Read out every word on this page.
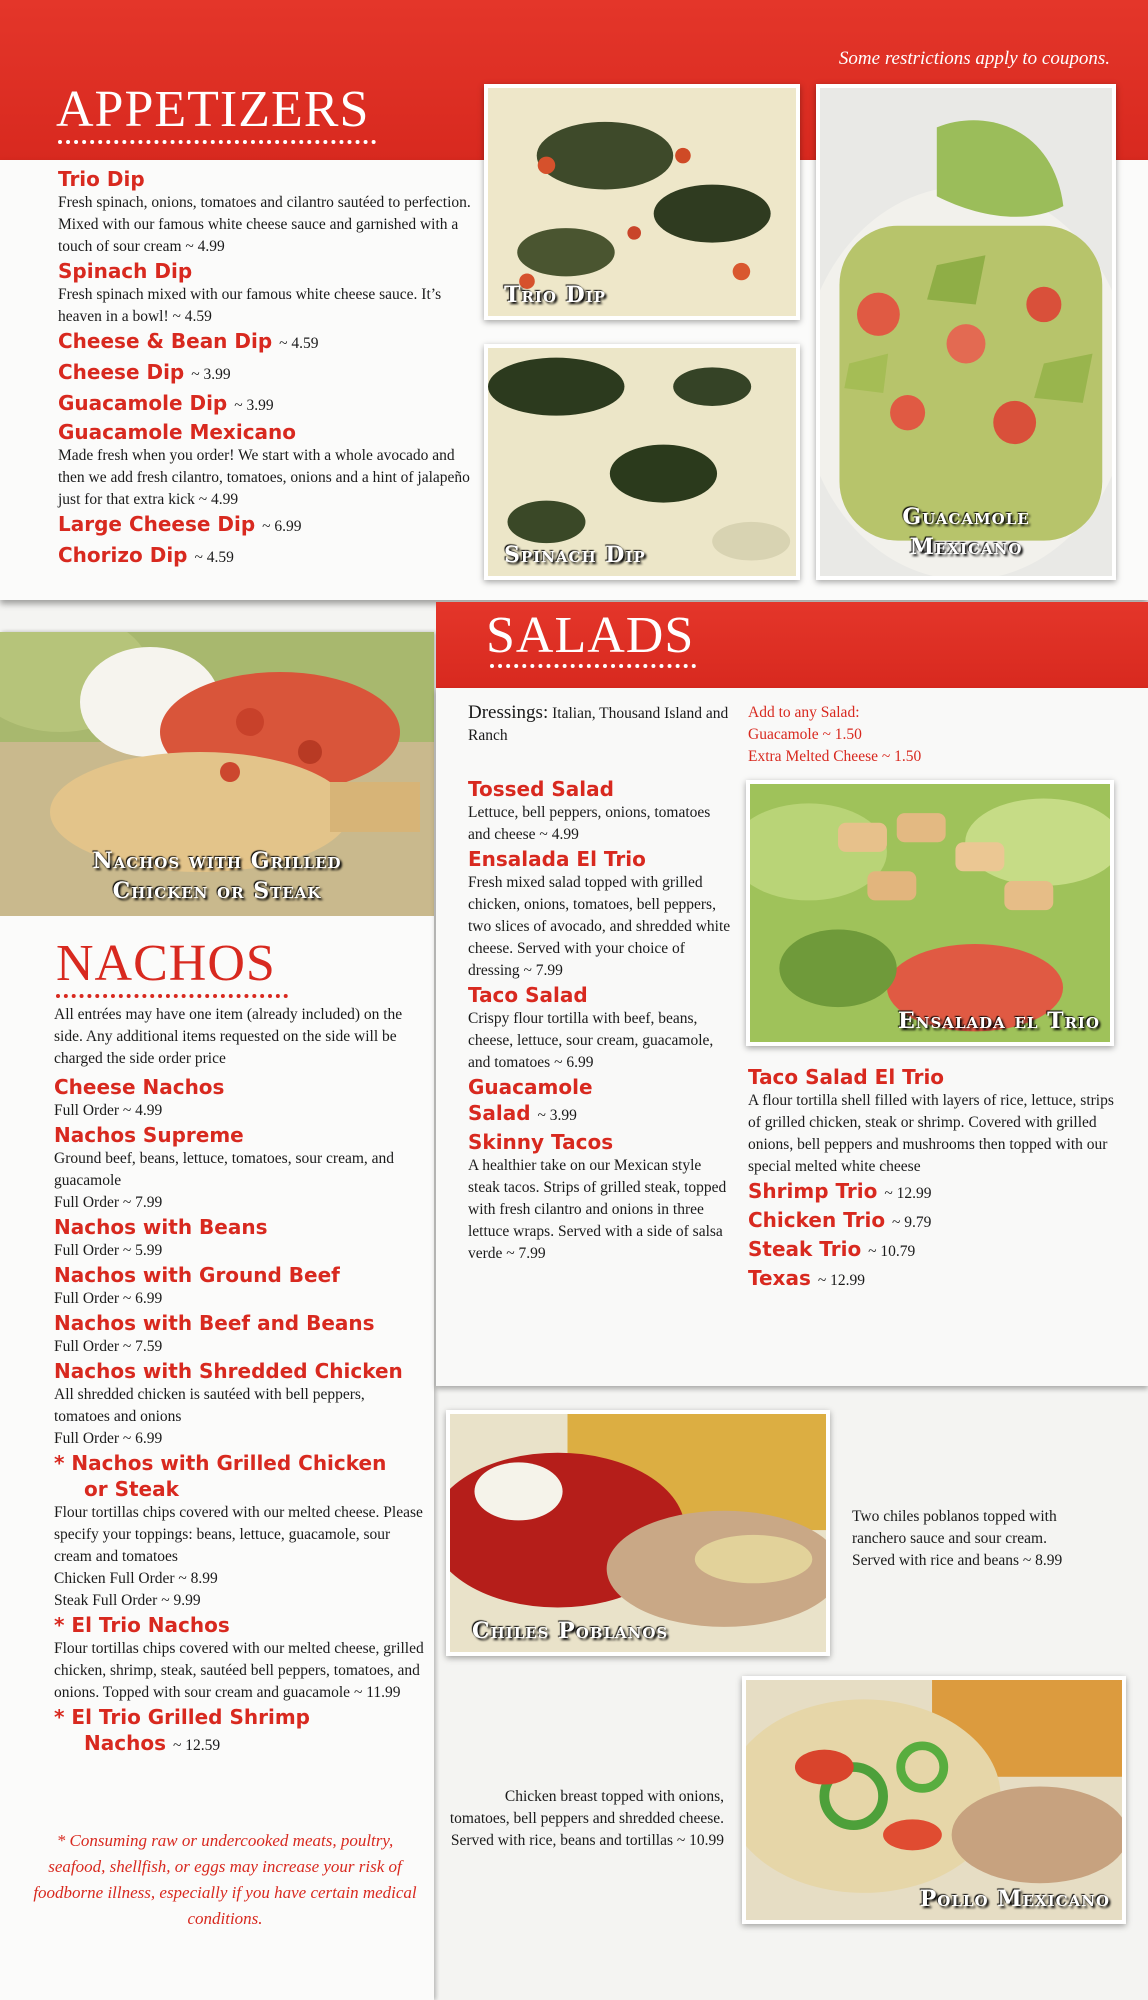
Some restrictions apply to coupons.
APPETIZERS
Trio Dip
Fresh spinach, onions, tomatoes and cilantro sautéed to perfection. Mixed with our famous white cheese sauce and garnished with a touch of sour cream ~ 4.99
Spinach Dip
Fresh spinach mixed with our famous white cheese sauce. It’s heaven in a bowl! ~ 4.59
Cheese & Bean Dip ~ 4.59
Cheese Dip ~ 3.99
Guacamole Dip ~ 3.99
Guacamole Mexicano
Made fresh when you order! We start with a whole avocado and then we add fresh cilantro, tomatoes, onions and a hint of jalapeño just for that extra kick ~ 4.99
Large Cheese Dip ~ 6.99
Chorizo Dip ~ 4.59
Trio Dip
Spinach Dip
Guacamole
Mexicano
Nachos with Grilled
Chicken or Steak
NACHOS
All entrées may have one item (already included) on the side. Any additional items requested on the side will be charged the side order price
Cheese Nachos
Full Order ~ 4.99
Nachos Supreme
Ground beef, beans, lettuce, tomatoes, sour cream, and guacamole
Full Order ~ 7.99
Nachos with Beans
Full Order ~ 5.99
Nachos with Ground Beef
Full Order ~ 6.99
Nachos with Beef and Beans
Full Order ~ 7.59
Nachos with Shredded Chicken
All shredded chicken is sautéed with bell peppers, tomatoes and onions
Full Order ~ 6.99
* Nachos with Grilled Chicken
or Steak
Flour tortillas chips covered with our melted cheese. Please specify your toppings: beans, lettuce, guacamole, sour cream and tomatoes
Chicken Full Order ~ 8.99
Steak Full Order ~ 9.99
* El Trio Nachos
Flour tortillas chips covered with our melted cheese, grilled chicken, shrimp, steak, sautéed bell peppers, tomatoes, and onions. Topped with sour cream and guacamole ~ 11.99
* El Trio Grilled Shrimp
Nachos ~ 12.59
* Consuming raw or undercooked meats, poultry, seafood, shellfish, or eggs may increase your risk of foodborne illness, especially if you have certain medical conditions.
SALADS
Dressings: Italian, Thousand Island and Ranch
Add to any Salad:
Guacamole ~ 1.50
Extra Melted Cheese ~ 1.50
Tossed Salad
Lettuce, bell peppers, onions, tomatoes and cheese ~ 4.99
Ensalada El Trio
Fresh mixed salad topped with grilled chicken, onions, tomatoes, bell peppers, two slices of avocado, and shredded white cheese. Served with your choice of dressing ~ 7.99
Taco Salad
Crispy flour tortilla with beef, beans, cheese, lettuce, sour cream, guacamole, and tomatoes ~ 6.99
Guacamole
Salad ~ 3.99
Skinny Tacos
A healthier take on our Mexican style steak tacos. Strips of grilled steak, topped with fresh cilantro and onions in three lettuce wraps. Served with a side of salsa verde ~ 7.99
Ensalada el Trio
Taco Salad El Trio
A flour tortilla shell filled with layers of rice, lettuce, strips of grilled chicken, steak or shrimp. Covered with grilled onions, bell peppers and mushrooms then topped with our special melted white cheese
Shrimp Trio ~ 12.99
Chicken Trio ~ 9.79
Steak Trio ~ 10.79
Texas ~ 12.99
Chiles Poblanos
Two chiles poblanos topped with ranchero sauce and sour cream. Served with rice and beans ~ 8.99
Pollo Mexicano
Chicken breast topped with onions, tomatoes, bell peppers and shredded cheese. Served with rice, beans and tortillas ~ 10.99
